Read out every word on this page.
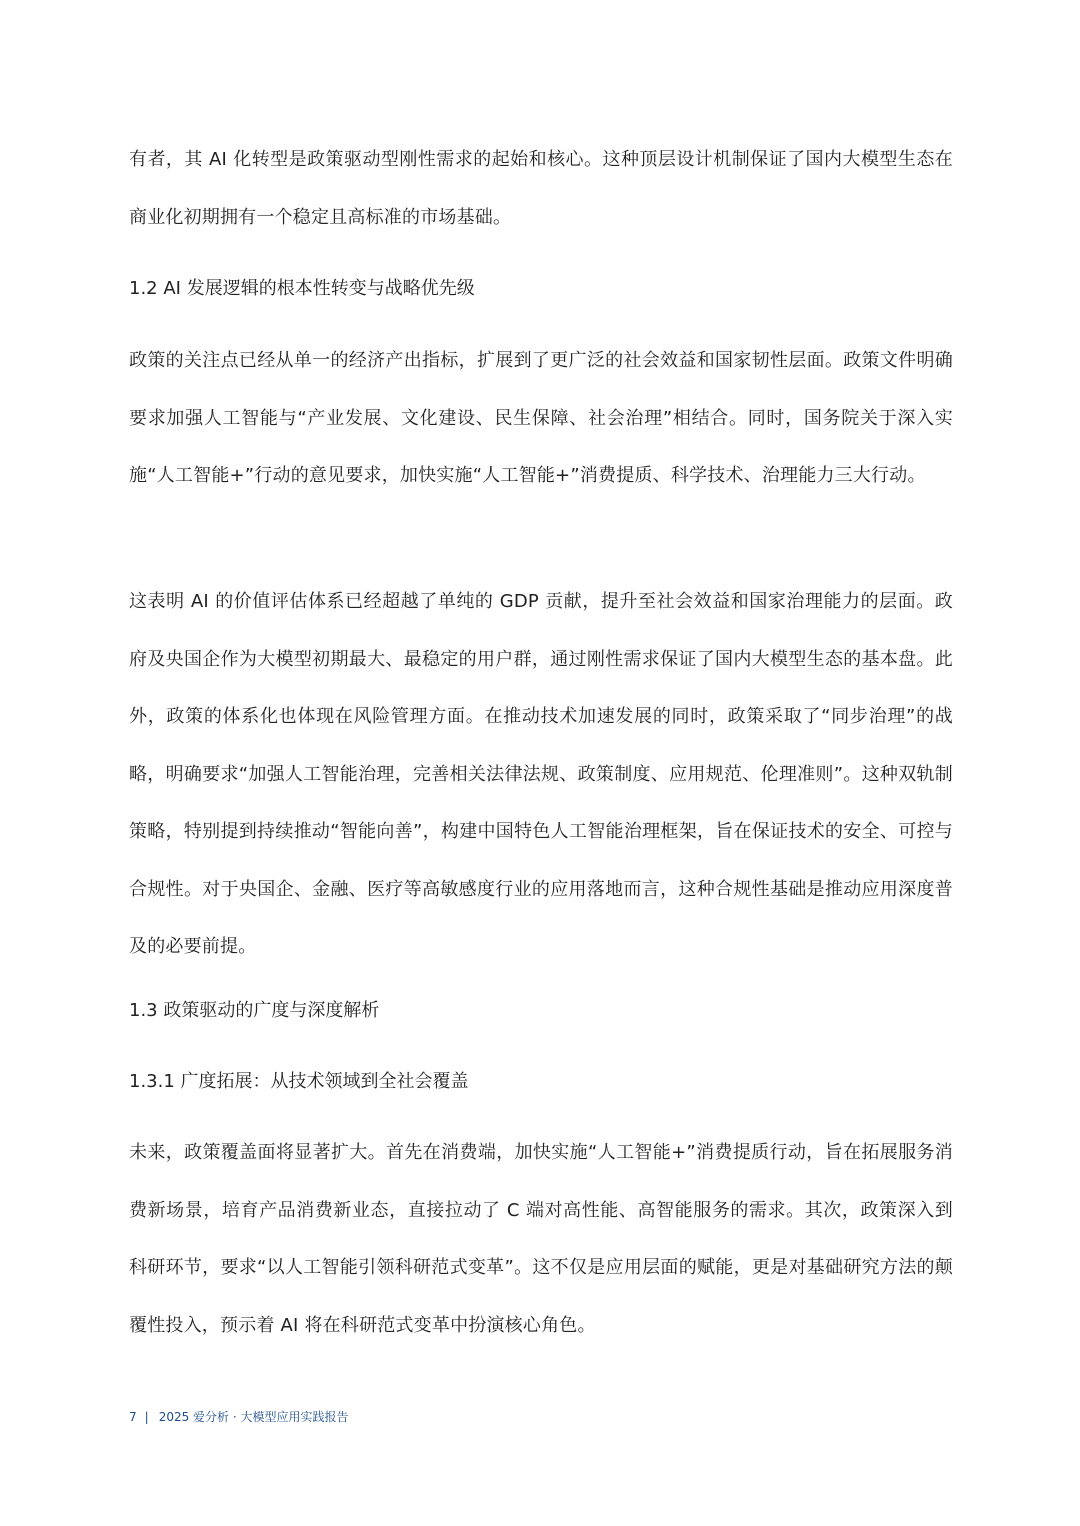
有者，其 AI 化转型是政策驱动型刚性需求的起始和核心。这种顶层设计机制保证了国内大模型生态在商业化初期拥有一个稳定且高标准的市场基础。

1.2 AI 发展逻辑的根本性转变与战略优先级

政策的关注点已经从单一的经济产出指标，扩展到了更广泛的社会效益和国家韧性层面。政策文件明确要求加强人工智能与“产业发展、文化建设、民生保障、社会治理”相结合。同时，国务院关于深入实施“人工智能+”行动的意见要求，加快实施“人工智能+”消费提质、科学技术、治理能力三大行动。

这表明 AI 的价值评估体系已经超越了单纯的 GDP 贡献，提升至社会效益和国家治理能力的层面。政府及央国企作为大模型初期最大、最稳定的用户群，通过刚性需求保证了国内大模型生态的基本盘。此外，政策的体系化也体现在风险管理方面。在推动技术加速发展的同时，政策采取了“同步治理”的战略，明确要求“加强人工智能治理，完善相关法律法规、政策制度、应用规范、伦理准则”。这种双轨制策略，特别提到持续推动“智能向善”，构建中国特色人工智能治理框架，旨在保证技术的安全、可控与合规性。对于央国企、金融、医疗等高敏感度行业的应用落地而言，这种合规性基础是推动应用深度普及的必要前提。

1.3 政策驱动的广度与深度解析
1.3.1 广度拓展：从技术领域到全社会覆盖

未来，政策覆盖面将显著扩大。首先在消费端，加快实施“人工智能+”消费提质行动，旨在拓展服务消费新场景，培育产品消费新业态，直接拉动了 C 端对高性能、高智能服务的需求。其次，政策深入到科研环节，要求“以人工智能引领科研范式变革”。这不仅是应用层面的赋能，更是对基础研究方法的颠覆性投入，预示着 AI 将在科研范式变革中扮演核心角色。

7 | 2025 爱分析 · 大模型应用实践报告
